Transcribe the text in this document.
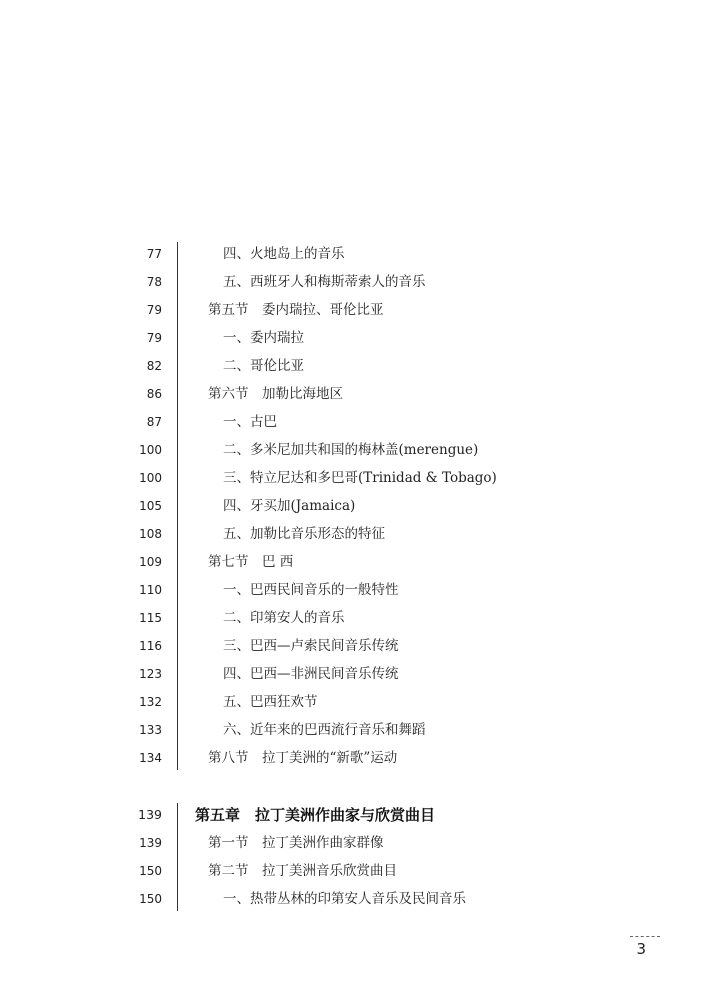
77	四、火地岛上的音乐
78	五、西班牙人和梅斯蒂索人的音乐
79	第五节　委内瑞拉、哥伦比亚
79	一、委内瑞拉
82	二、哥伦比亚
86	第六节　加勒比海地区
87	一、古巴
100	二、多米尼加共和国的梅林盖(merengue)
100	三、特立尼达和多巴哥(Trinidad & Tobago)
105	四、牙买加(Jamaica)
108	五、加勒比音乐形态的特征
109	第七节　巴 西
110	一、巴西民间音乐的一般特性
115	二、印第安人的音乐
116	三、巴西—卢索民间音乐传统
123	四、巴西—非洲民间音乐传统
132	五、巴西狂欢节
133	六、近年来的巴西流行音乐和舞蹈
134	第八节　拉丁美洲的“新歌”运动
139 第五章　拉丁美洲作曲家与欣赏曲目
139	第一节　拉丁美洲作曲家群像
150	第二节　拉丁美洲音乐欣赏曲目
150	一、热带丛林的印第安人音乐及民间音乐
3
